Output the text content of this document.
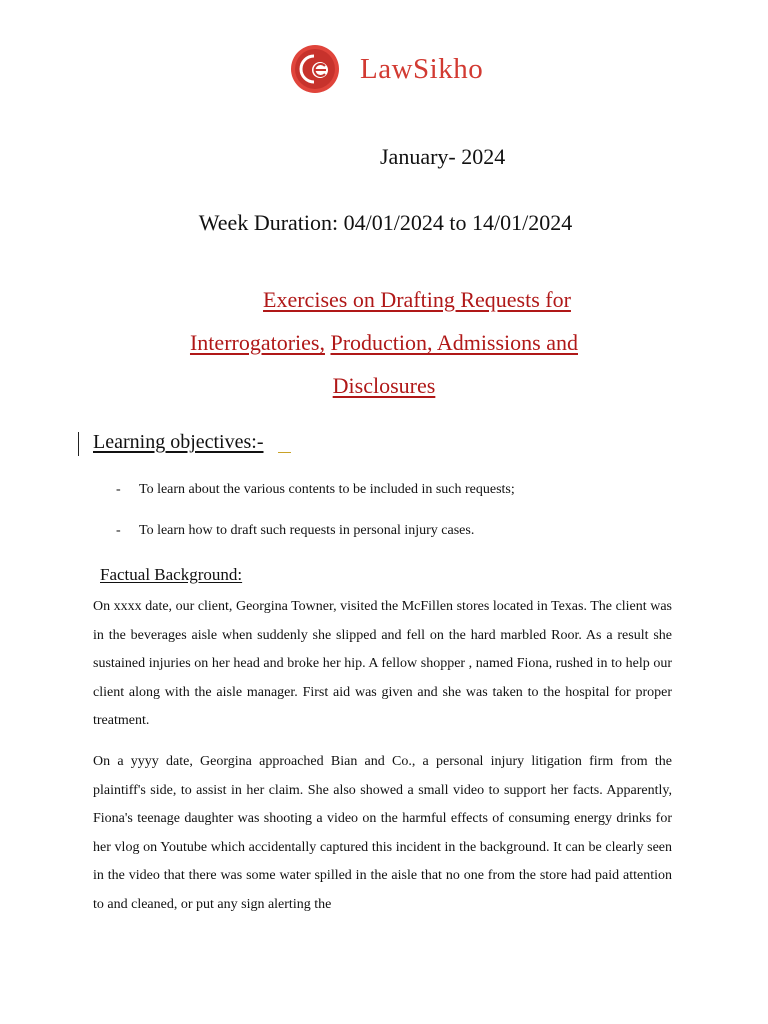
LawSikho
January- 2024
Week Duration: 04/01/2024 to 14/01/2024
Exercises on Drafting Requests for
Interrogatories, Production, Admissions and
Disclosures
Learning objectives:-
-	To learn about the various contents to be included in such requests;
-	To learn how to draft such requests in personal injury cases.
Factual Background:

On xxxx date, our client, Georgina Towner, visited the McFillen stores located in Texas. The client was in the beverages aisle when suddenly she slipped and fell on the hard marbled Roor. As a result she sustained injuries on her head and broke her hip. A fellow shopper , named Fiona, rushed in to help our client along with the aisle manager. First aid was given and she was taken to the hospital for proper treatment.

On a yyyy date, Georgina approached Bian and Co., a personal injury litigation firm from the plaintiff's side, to assist in her claim. She also showed a small video to support her facts. Apparently, Fiona's teenage daughter was shooting a video on the harmful effects of consuming energy drinks for her vlog on Youtube which accidentally captured this incident in the background. It can be clearly seen in the video that there was some water spilled in the aisle that no one from the store had paid attention to and cleaned, or put any sign alerting the
